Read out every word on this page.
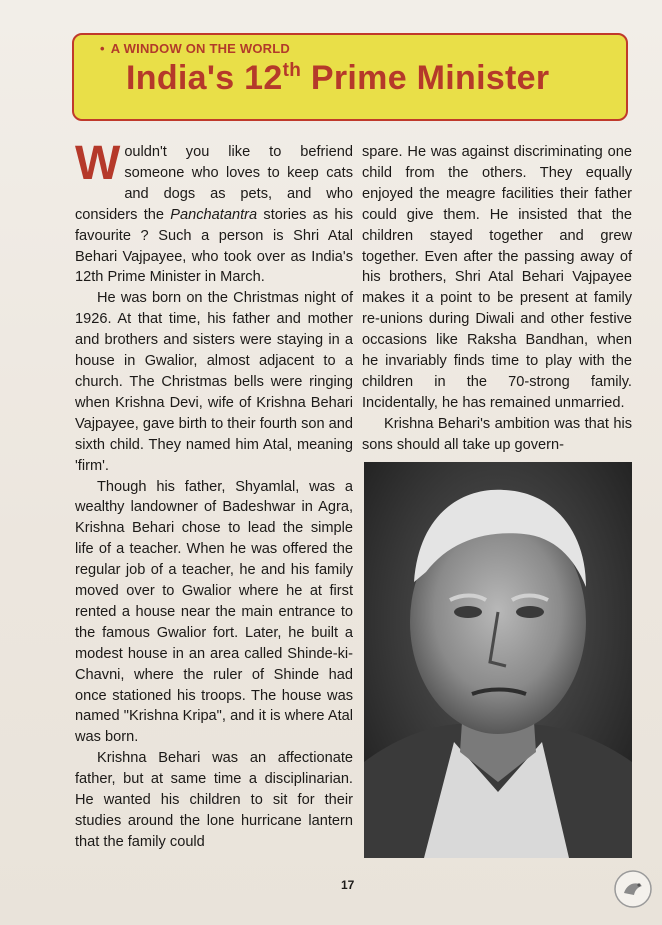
• A WINDOW ON THE WORLD
India's 12th Prime Minister

Wouldn't you like to befriend someone who loves to keep cats and dogs as pets, and who considers the Panchatantra stories as his favourite ? Such a person is Shri Atal Behari Vajpayee, who took over as India's 12th Prime Minister in March.

He was born on the Christmas night of 1926. At that time, his father and mother and brothers and sisters were staying in a house in Gwalior, almost adjacent to a church. The Christmas bells were ringing when Krishna Devi, wife of Krishna Behari Vajpayee, gave birth to their fourth son and sixth child. They named him Atal, meaning 'firm'.

Though his father, Shyamlal, was a wealthy landowner of Badeshwar in Agra, Krishna Behari chose to lead the simple life of a teacher. When he was offered the regular job of a teacher, he and his family moved over to Gwalior where he at first rented a house near the main entrance to the famous Gwalior fort. Later, he built a modest house in an area called Shinde-ki-Chavni, where the ruler of Shinde had once stationed his troops. The house was named "Krishna Kripa", and it is where Atal was born.

Krishna Behari was an affectionate father, but at same time a disciplinarian. He wanted his children to sit for their studies around the lone hurricane lantern that the family could

spare. He was against discriminating one child from the others. They equally enjoyed the meagre facilities their father could give them. He insisted that the children stayed together and grew together. Even after the passing away of his brothers, Shri Atal Behari Vajpayee makes it a point to be present at family re-unions during Diwali and other festive occasions like Raksha Bandhan, when he invariably finds time to play with the children in the 70-strong family. Incidentally, he has remained unmarried.

Krishna Behari's ambition was that his sons should all take up govern-

17
